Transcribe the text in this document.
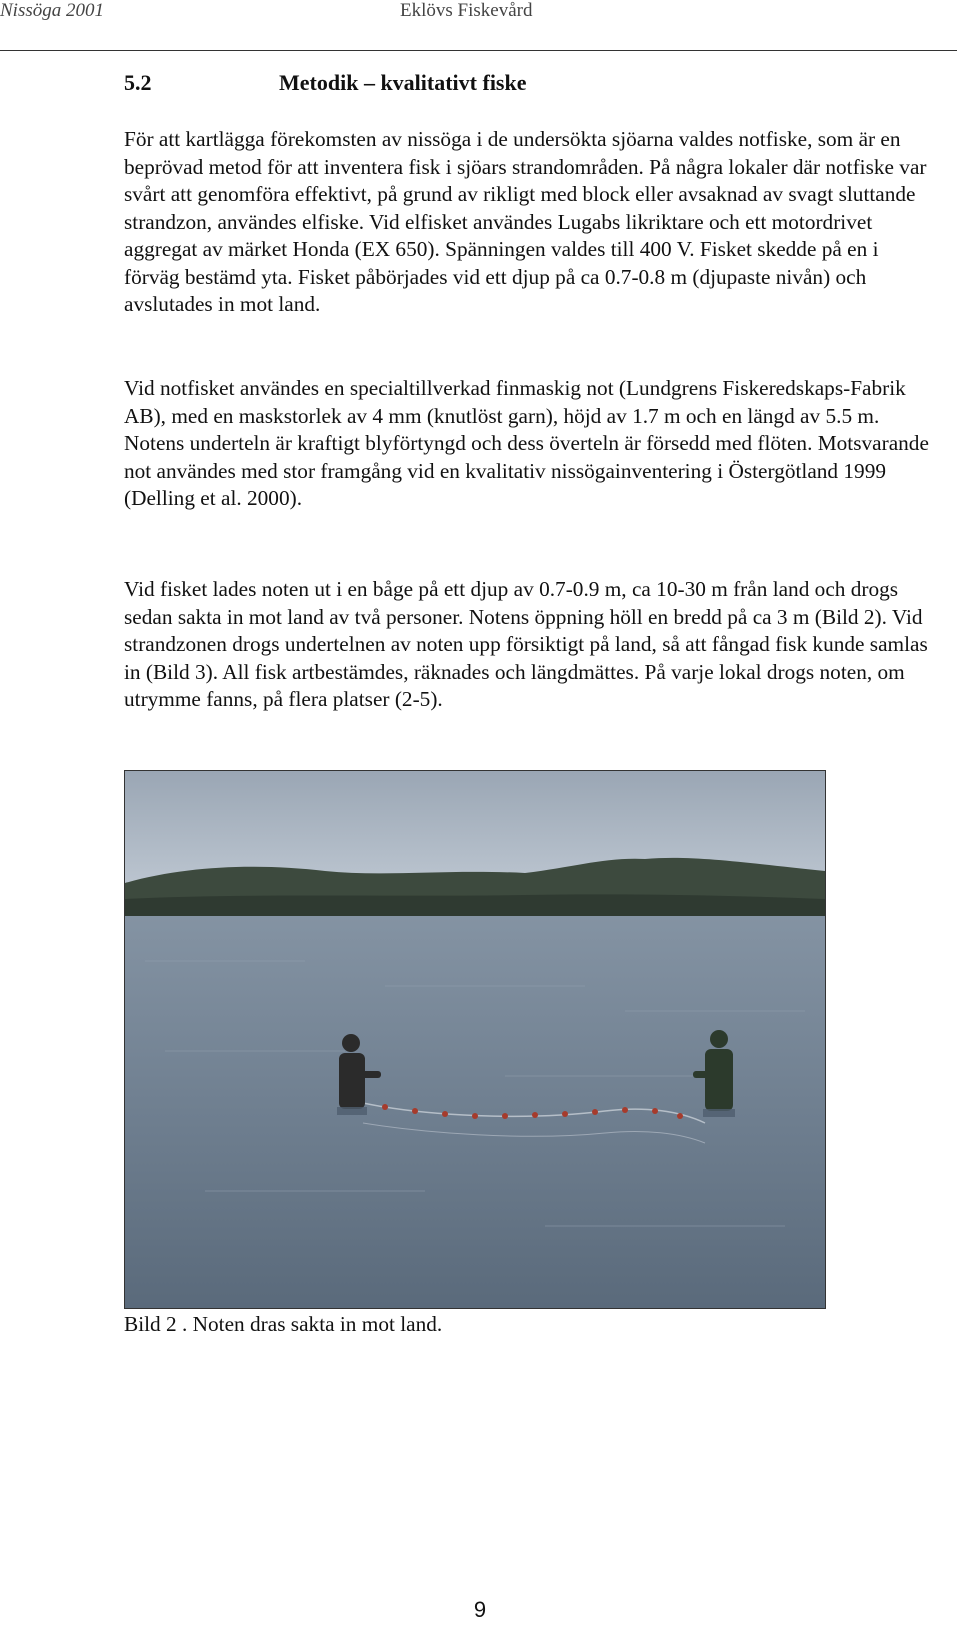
Nissöga 2001	Eklövs Fiskevård
5.2	Metodik – kvalitativt fiske

För att kartlägga förekomsten av nissöga i de undersökta sjöarna valdes notfiske, som är en beprövad metod för att inventera fisk i sjöars strandområden. På några lokaler där notfiske var svårt att genomföra effektivt, på grund av rikligt med block eller avsaknad av svagt sluttande strandzon, användes elfiske. Vid elfisket användes Lugabs likriktare och ett motordrivet aggregat av märket Honda (EX 650). Spänningen valdes till 400 V. Fisket skedde på en i förväg bestämd yta. Fisket påbörjades vid ett djup på ca 0.7-0.8 m (djupaste nivån) och avslutades in mot land.

Vid notfisket användes en specialtillverkad finmaskig not (Lundgrens Fiskeredskaps-Fabrik AB), med en maskstorlek av 4 mm (knutlöst garn), höjd av 1.7 m och en längd av 5.5 m. Notens underteln är kraftigt blyförtyngd och dess överteln är försedd med flöten. Motsvarande not användes med stor framgång vid en kvalitativ nissögainventering i Östergötland 1999 (Delling et al. 2000).

Vid fisket lades noten ut i en båge på ett djup av 0.7-0.9 m, ca 10-30 m från land och drogs sedan sakta in mot land av två personer. Notens öppning höll en bredd på ca 3 m (Bild 2). Vid strandzonen drogs undertelnen av noten upp försiktigt på land, så att fångad fisk kunde samlas in (Bild 3). All fisk artbestämdes, räknades och längdmättes. På varje lokal drogs noten, om utrymme fanns, på flera platser (2-5).

Bild 2 . Noten dras sakta in mot land.
9
